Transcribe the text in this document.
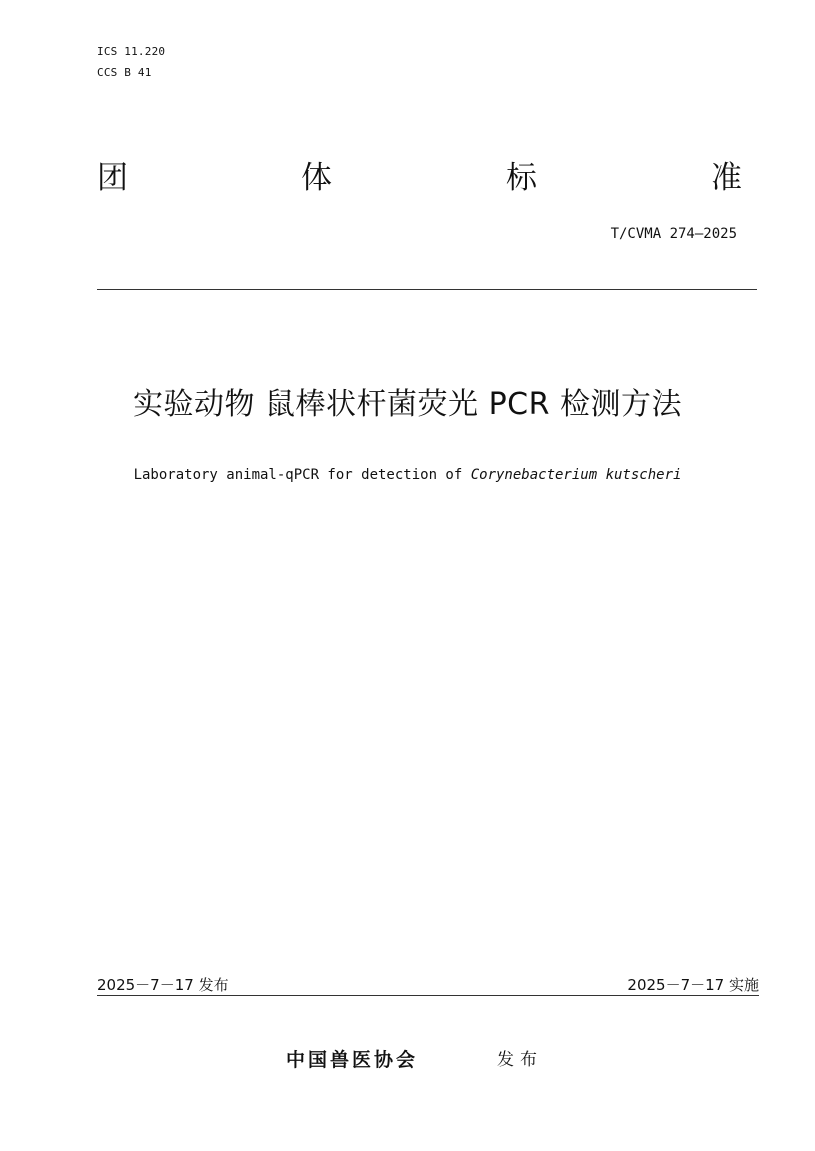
ICS 11.220
CCS B 41
团	体	标	准
T/CVMA 274—2025
实验动物 鼠棒状杆菌荧光 PCR 检测方法
Laboratory animal-qPCR for detection of Corynebacterium kutscheri
2025－7－17 发布	2025－7－17 实施
中国兽医协会	发布
